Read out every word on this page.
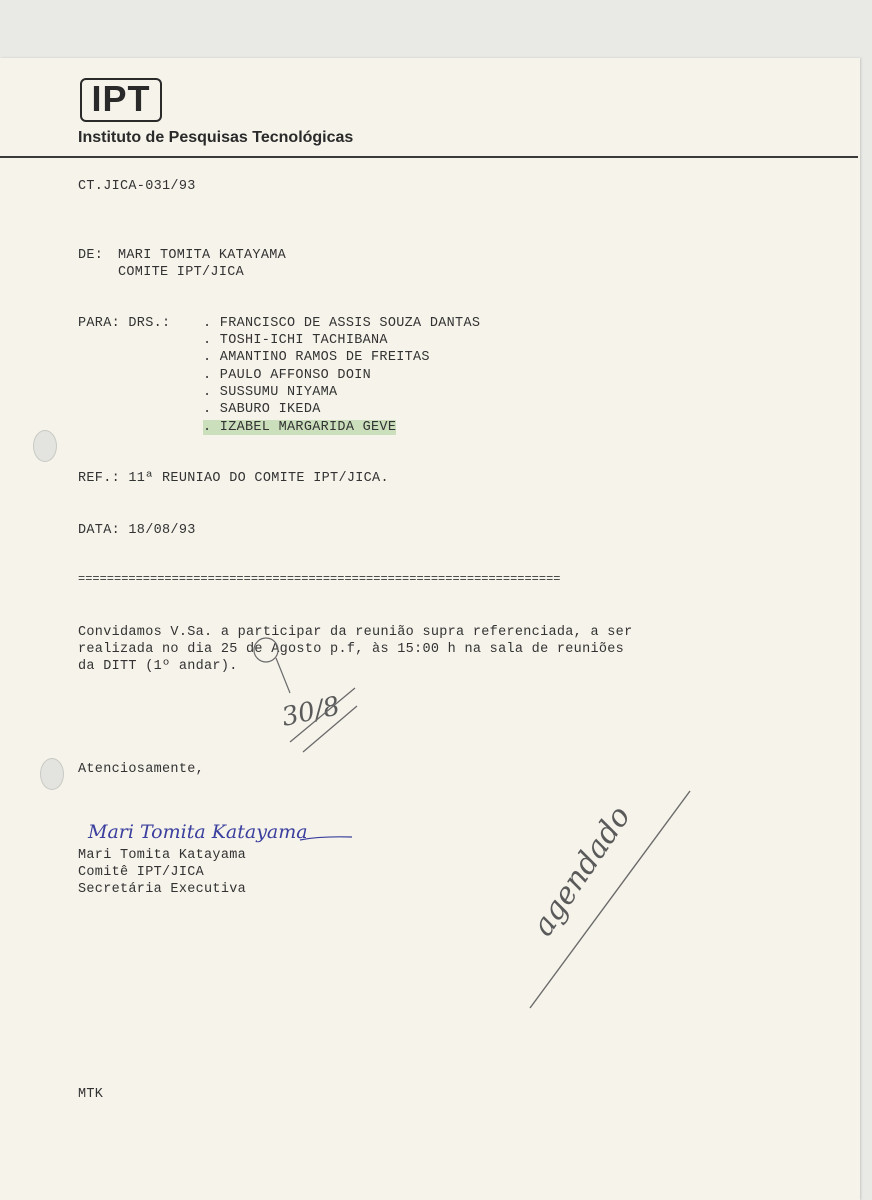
IPT
Instituto de Pesquisas Tecnológicas
CT.JICA-031/93
DE: MARI TOMITA KATAYAMA
COMITE IPT/JICA
PARA: DRS.: . FRANCISCO DE ASSIS SOUZA DANTAS
. TOSHI-ICHI TACHIBANA
. AMANTINO RAMOS DE FREITAS
. PAULO AFFONSO DOIN
. SUSSUMU NIYAMA
. SABURO IKEDA
. IZABEL MARGARIDA GEVE
REF.: 11ª REUNIAO DO COMITE IPT/JICA.
DATA: 18/08/93
===================================================================
Convidamos V.Sa. a participar da reunião supra referenciada, a ser
realizada no dia 25 de Agosto p.f, às 15:00 h na sala de reuniões
da DITT (1º andar).
Atenciosamente,
Mari Tomita Katayama
Comitê IPT/JICA
Secretária Executiva
MTK
30/8
agendado
Mari Tomita Katayama
